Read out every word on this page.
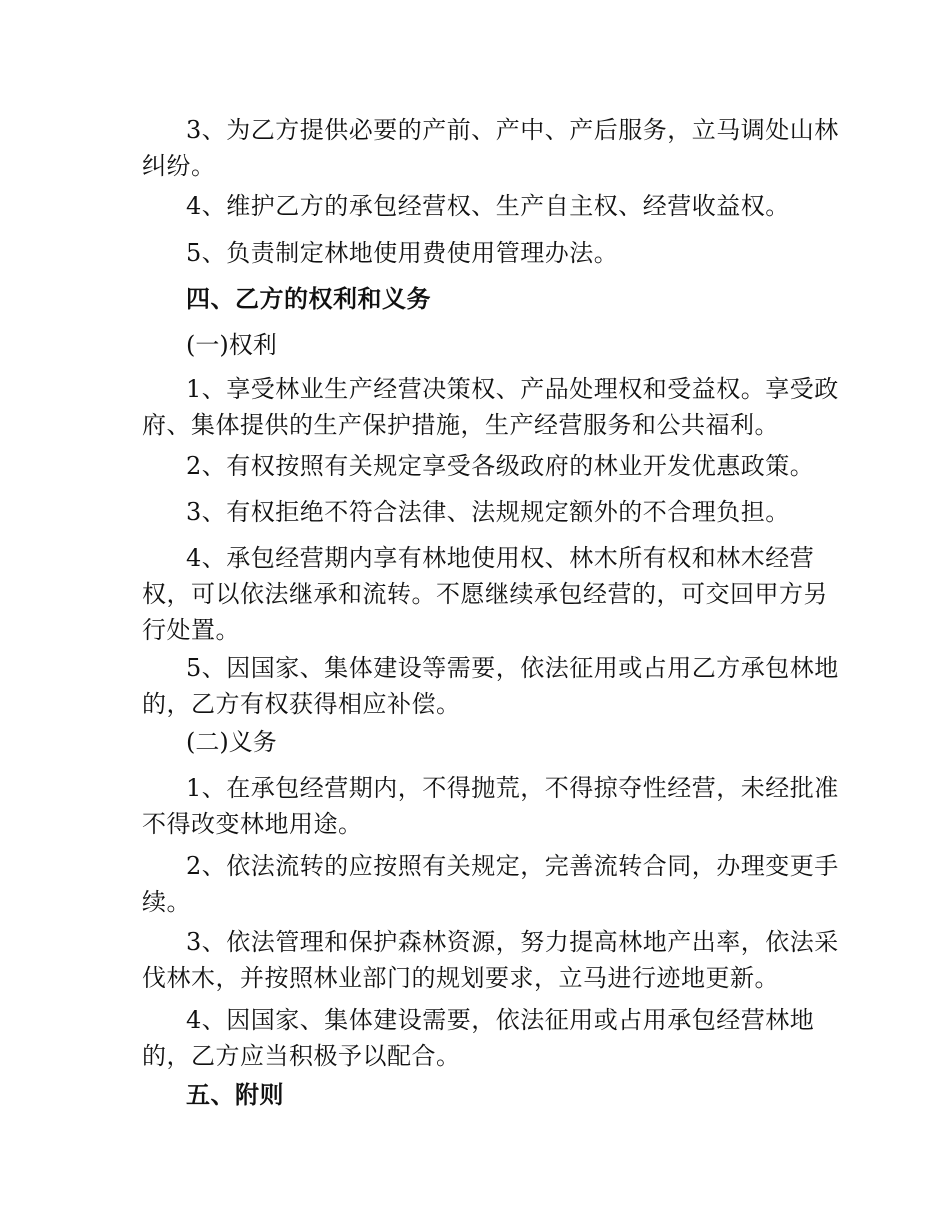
3、为乙方提供必要的产前、产中、产后服务，立马调处山林纠纷。

4、维护乙方的承包经营权、生产自主权、经营收益权。

5、负责制定林地使用费使用管理办法。

四、乙方的权利和义务

(一)权利

1、享受林业生产经营决策权、产品处理权和受益权。享受政府、集体提供的生产保护措施，生产经营服务和公共福利。

2、有权按照有关规定享受各级政府的林业开发优惠政策。

3、有权拒绝不符合法律、法规规定额外的不合理负担。

4、承包经营期内享有林地使用权、林木所有权和林木经营权，可以依法继承和流转。不愿继续承包经营的，可交回甲方另行处置。

5、因国家、集体建设等需要，依法征用或占用乙方承包林地的，乙方有权获得相应补偿。

(二)义务

1、在承包经营期内，不得抛荒，不得掠夺性经营，未经批准不得改变林地用途。

2、依法流转的应按照有关规定，完善流转合同，办理变更手续。

3、依法管理和保护森林资源，努力提高林地产出率，依法采伐林木，并按照林业部门的规划要求，立马进行迹地更新。

4、因国家、集体建设需要，依法征用或占用承包经营林地的，乙方应当积极予以配合。

五、附则
